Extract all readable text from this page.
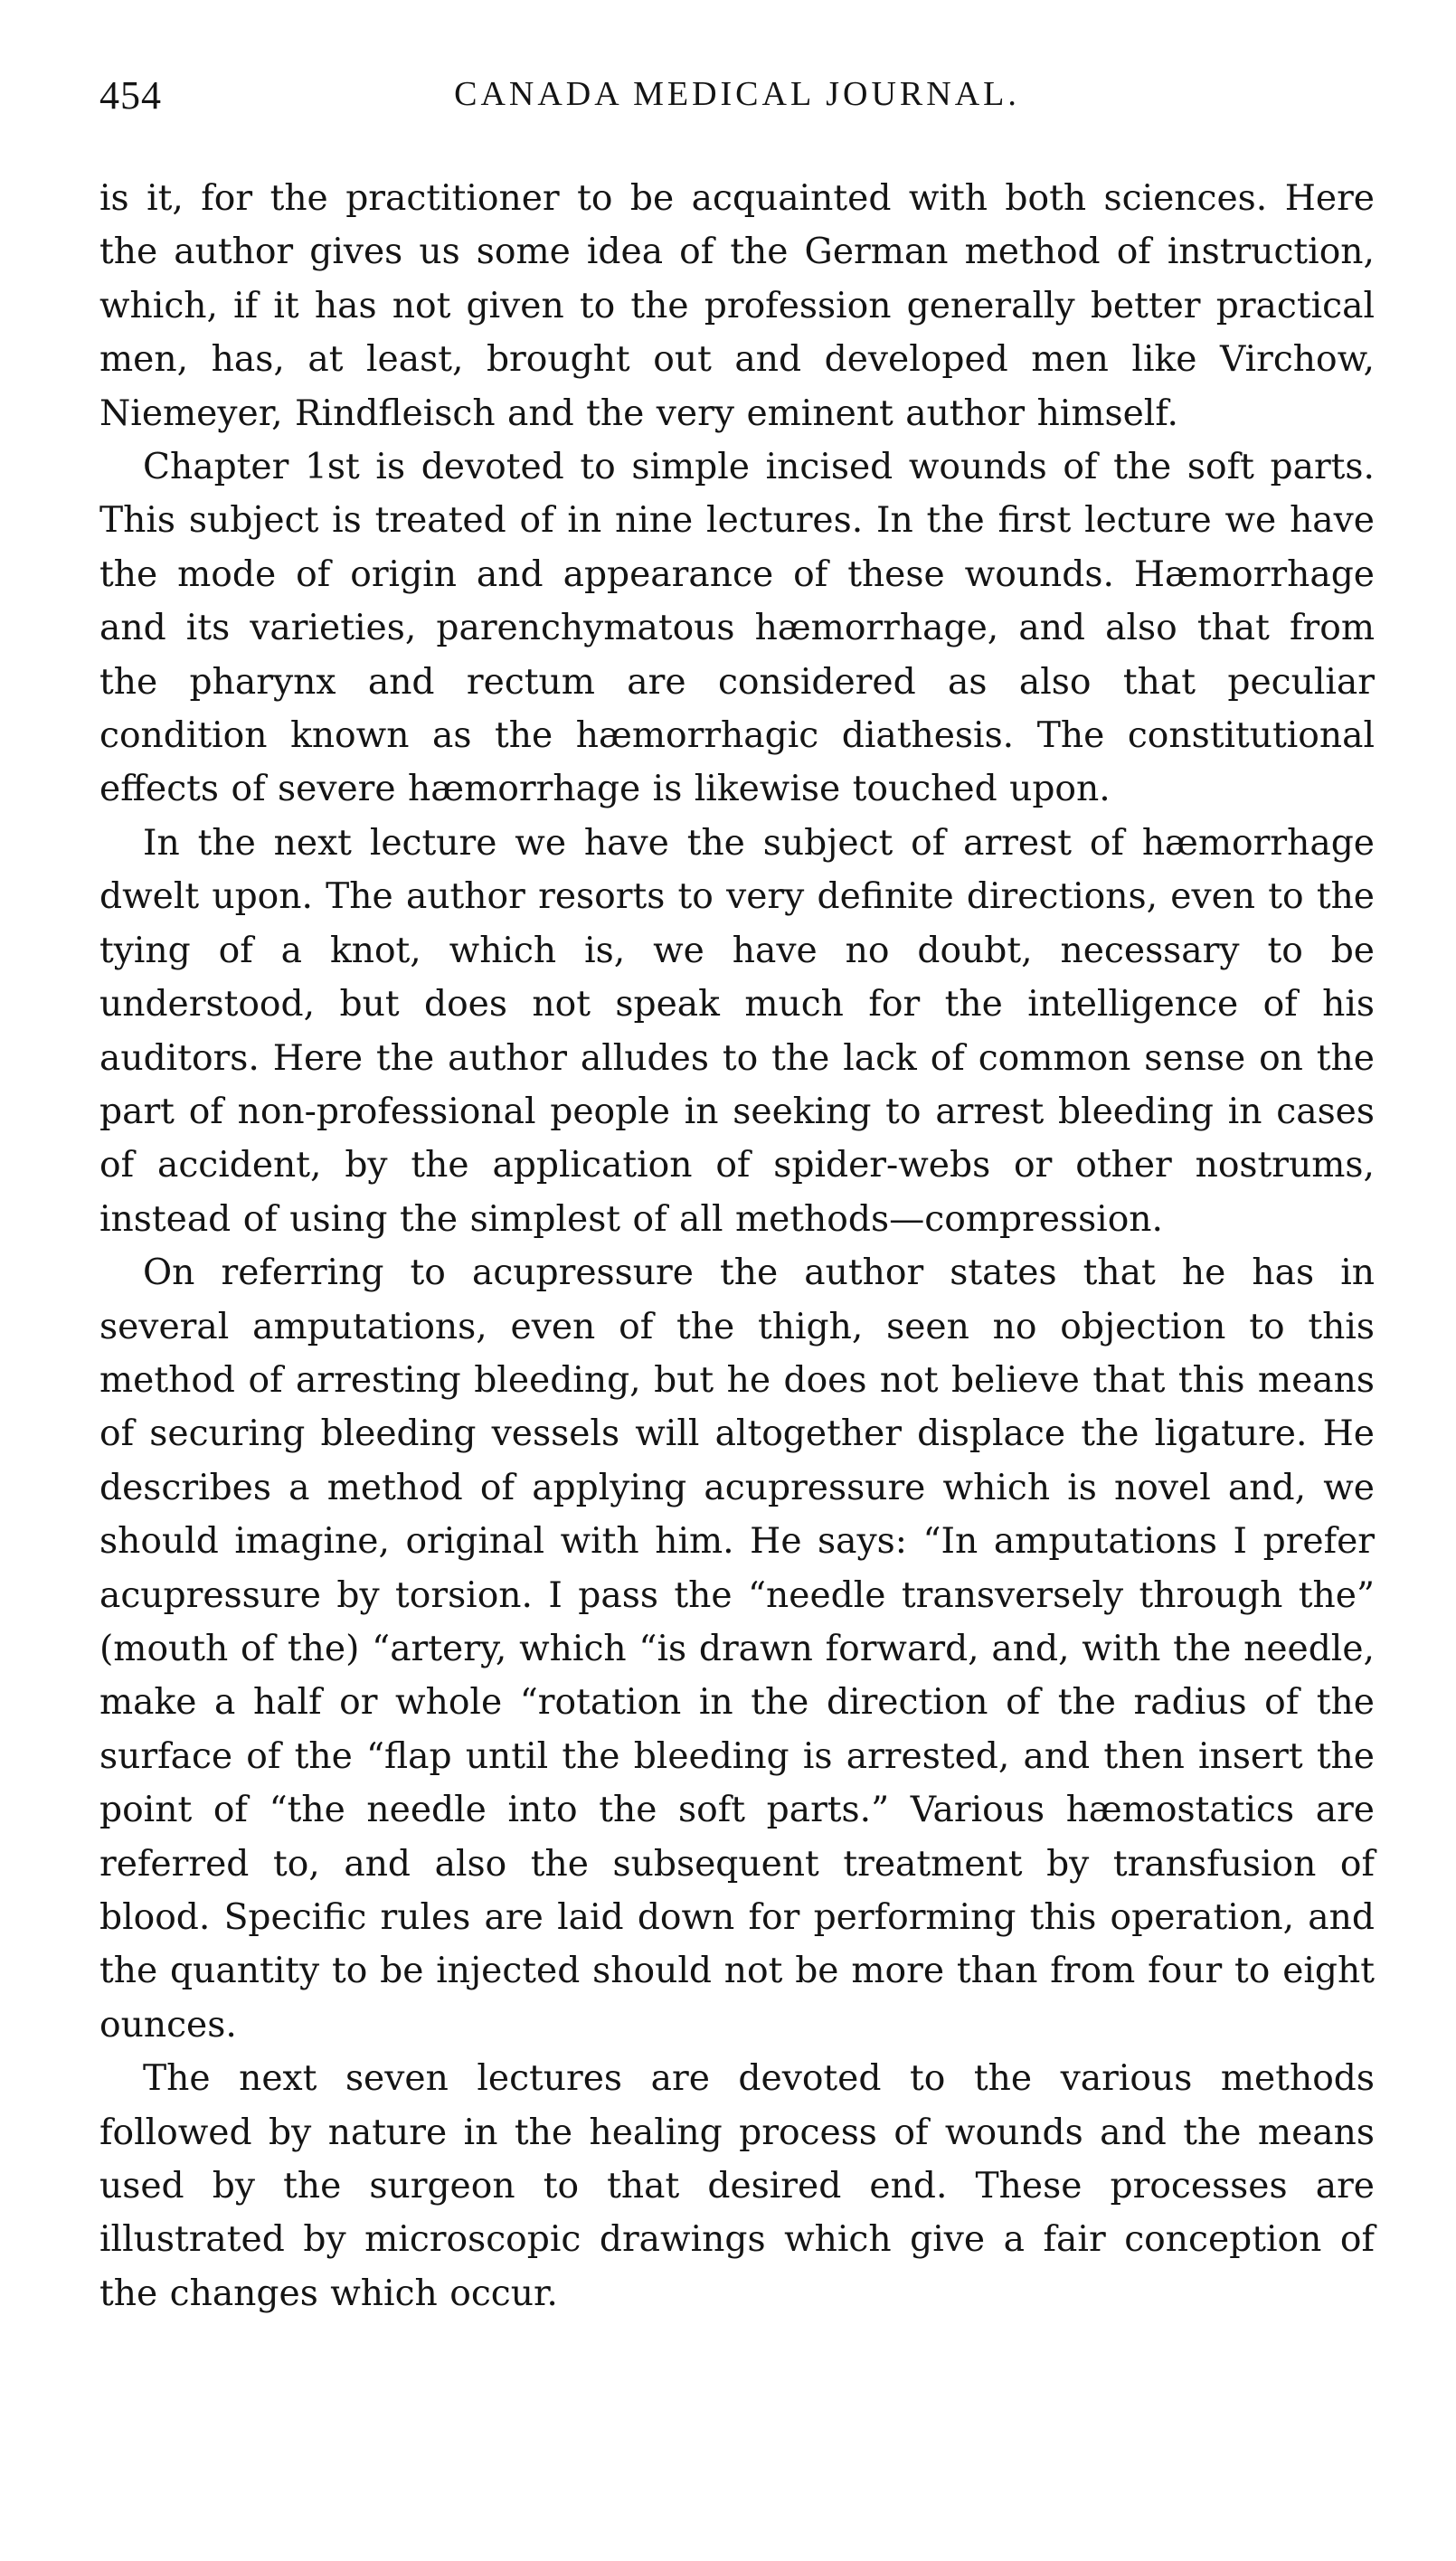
454	CANADA MEDICAL JOURNAL.

is it, for the practitioner to be acquainted with both sciences. Here the author gives us some idea of the German method of instruction, which, if it has not given to the profession generally better practical men, has, at least, brought out and developed men like Virchow, Niemeyer, Rindfleisch and the very eminent author himself.

Chapter 1st is devoted to simple incised wounds of the soft parts. This subject is treated of in nine lectures. In the first lecture we have the mode of origin and appearance of these wounds. Hæmorrhage and its varieties, parenchymatous hæmorrhage, and also that from the pharynx and rectum are considered as also that peculiar condition known as the hæmorrhagic diathesis. The constitutional effects of severe hæmorrhage is likewise touched upon.

In the next lecture we have the subject of arrest of hæmorrhage dwelt upon. The author resorts to very definite directions, even to the tying of a knot, which is, we have no doubt, necessary to be understood, but does not speak much for the intelligence of his auditors. Here the author alludes to the lack of common sense on the part of non-professional people in seeking to arrest bleeding in cases of accident, by the application of spider-webs or other nostrums, instead of using the simplest of all methods—compression.

On referring to acupressure the author states that he has in several amputations, even of the thigh, seen no objection to this method of arresting bleeding, but he does not believe that this means of securing bleeding vessels will altogether displace the ligature. He describes a method of applying acupressure which is novel and, we should imagine, original with him. He says: “In amputations I prefer acupressure by torsion. I pass the “needle transversely through the” (mouth of the) “artery, which “is drawn forward, and, with the needle, make a half or whole “rotation in the direction of the radius of the surface of the “flap until the bleeding is arrested, and then insert the point of “the needle into the soft parts.” Various hæmostatics are referred to, and also the subsequent treatment by transfusion of blood. Specific rules are laid down for performing this operation, and the quantity to be injected should not be more than from four to eight ounces.

The next seven lectures are devoted to the various methods followed by nature in the healing process of wounds and the means used by the surgeon to that desired end. These processes are illustrated by microscopic drawings which give a fair conception of the changes which occur.
